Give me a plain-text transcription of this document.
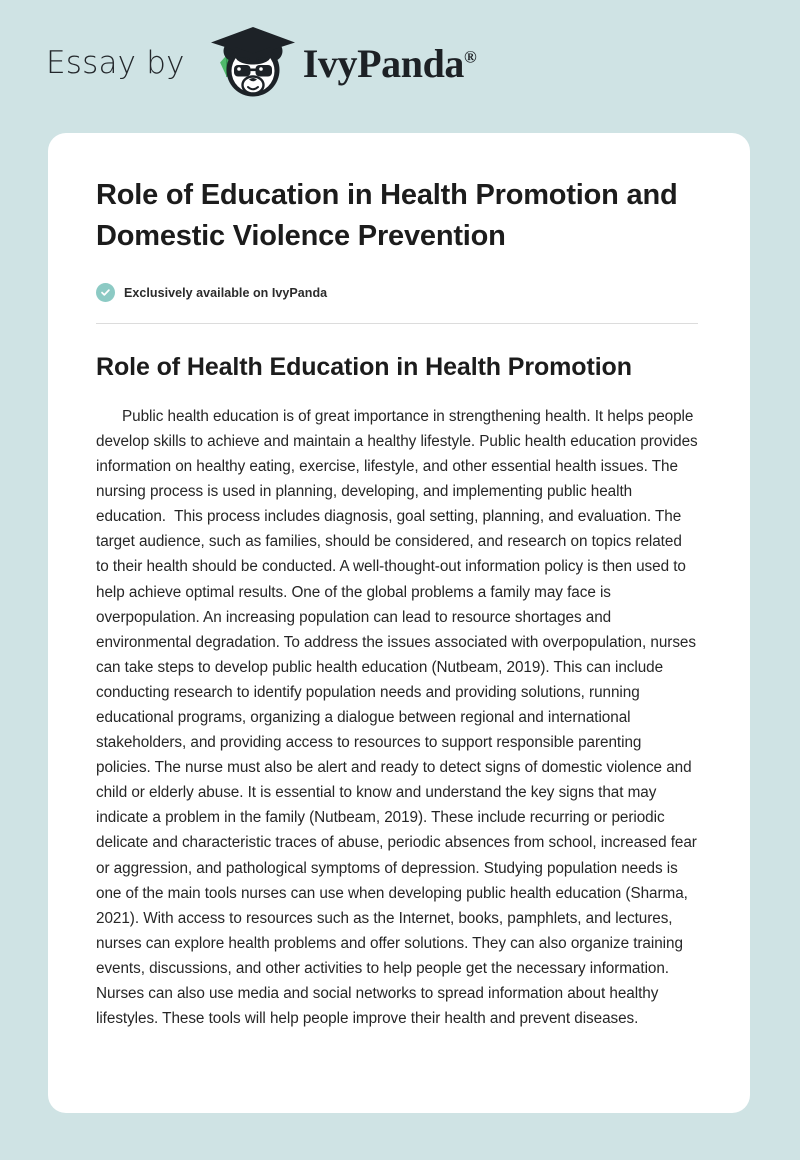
Essay by	IvyPanda®
Role of Education in Health Promotion and Domestic Violence Prevention
Exclusively available on IvyPanda
Role of Health Education in Health Promotion

Public health education is of great importance in strengthening health. It helps people develop skills to achieve and maintain a healthy lifestyle. Public health education provides information on healthy eating, exercise, lifestyle, and other essential health issues. The nursing process is used in planning, developing, and implementing public health education.  This process includes diagnosis, goal setting, planning, and evaluation. The target audience, such as families, should be considered, and research on topics related to their health should be conducted. A well-thought-out information policy is then used to help achieve optimal results. One of the global problems a family may face is overpopulation. An increasing population can lead to resource shortages and environmental degradation. To address the issues associated with overpopulation, nurses can take steps to develop public health education (Nutbeam, 2019). This can include conducting research to identify population needs and providing solutions, running educational programs, organizing a dialogue between regional and international stakeholders, and providing access to resources to support responsible parenting policies. The nurse must also be alert and ready to detect signs of domestic violence and child or elderly abuse. It is essential to know and understand the key signs that may indicate a problem in the family (Nutbeam, 2019). These include recurring or periodic delicate and characteristic traces of abuse, periodic absences from school, increased fear or aggression, and pathological symptoms of depression. Studying population needs is one of the main tools nurses can use when developing public health education (Sharma, 2021). With access to resources such as the Internet, books, pamphlets, and lectures, nurses can explore health problems and offer solutions. They can also organize training events, discussions, and other activities to help people get the necessary information. Nurses can also use media and social networks to spread information about healthy lifestyles. These tools will help people improve their health and prevent diseases.
